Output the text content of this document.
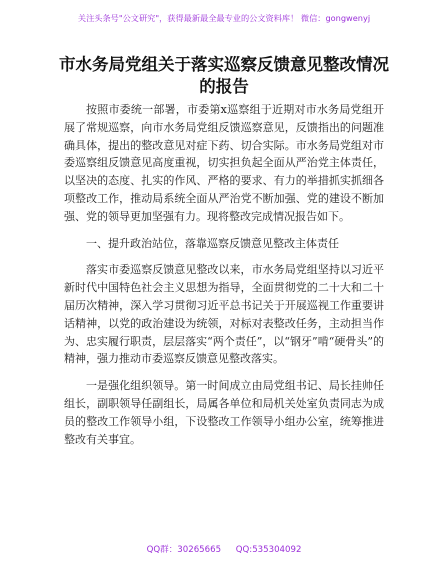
关注头条号"公文研究"，获得最新最全最专业的公文资料库！ 微信：gongwenyj
市水务局党组关于落实巡察反馈意见整改情况
的报告

按照市委统一部署，市委第x巡察组于近期对市水务局党组开展了常规巡察，向市水务局党组反馈巡察意见，反馈指出的问题准确具体，提出的整改意见对症下药、切合实际。市水务局党组对市委巡察组反馈意见高度重视，切实担负起全面从严治党主体责任，以坚决的态度、扎实的作风、严格的要求、有力的举措抓实抓细各项整改工作，推动局系统全面从严治党不断加强、党的建设不断加强、党的领导更加坚强有力。现将整改完成情况报告如下。

一、提升政治站位，落靠巡察反馈意见整改主体责任

落实市委巡察反馈意见整改以来，市水务局党组坚持以习近平新时代中国特色社会主义思想为指导，全面贯彻党的二十大和二十届历次精神，深入学习贯彻习近平总书记关于开展巡视工作重要讲话精神，以党的政治建设为统领，对标对表整改任务，主动担当作为、忠实履行职责，层层落实“两个责任”，以“钢牙”啃“硬骨头”的精神，强力推动市委巡察反馈意见整改落实。

一是强化组织领导。第一时间成立由局党组书记、局长挂帅任组长，副职领导任副组长，局属各单位和局机关处室负责同志为成员的整改工作领导小组，下设整改工作领导小组办公室，统筹推进整改有关事宜。

QQ群：30265665 QQ:535304092
